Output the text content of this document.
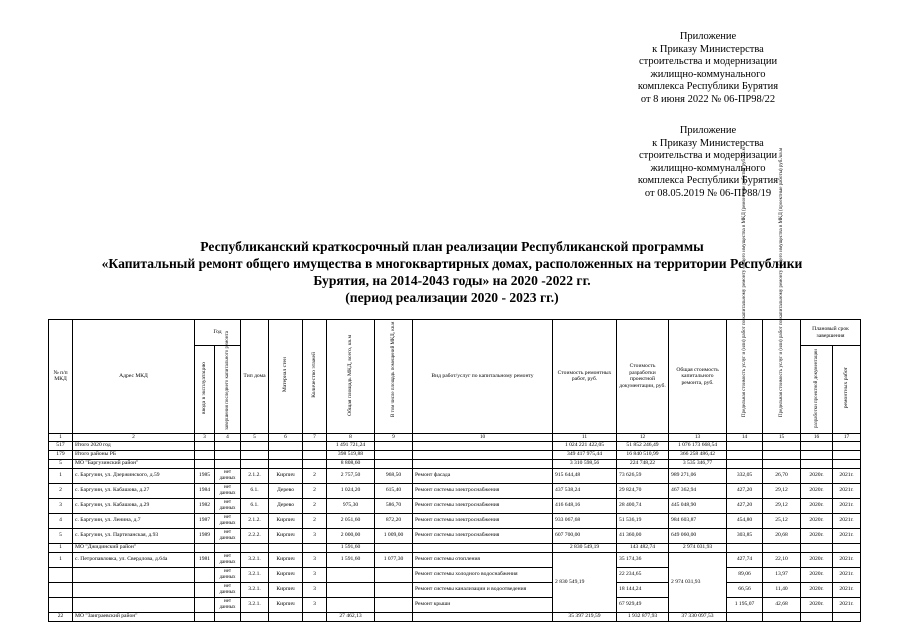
Приложение
к Приказу Министерства
строительства и модернизации
жилищно-коммунального
комплекса Республики Бурятия
от 8 июня 2022 № 06-ПР98/22
Приложение
к Приказу Министерства
строительства и модернизации
жилищно-коммунального
комплекса Республики Бурятия
от 08.05.2019 № 06-ПР88/19
Республиканский краткосрочный план реализации Республиканской программы
«Капитальный ремонт общего имущества в многоквартирных домах, расположенных на территории Республики
Бурятия, на 2014-2043 годы» на 2020 -2022 гг.
(период реализации 2020 - 2023 гг.)
№ п/п МКД	Адрес МКД	Год		Тип дома	Материал стен	Количество этажей	Общая площадь МКД, всего, кв.м	В том числе площадь помещений МКД, кв.м	Вид работ/услуг по капитальному ремонту	Стоимость ремонтных работ, руб.	Стоимость разработки проектной документации, руб.	Общая стоимость капитального ремонта, руб.	Предельная стоимость услуг и (или) работ по капитальному ремонту общего имущества в МКД (ремонтные работы) руб./кв.м	Предельная стоимость услуг и (или) работ по капитальному ремонту общего имущества в МКД (проектные работы) руб./кв.м	Плановый срок завершения	
		ввода в эксплуатацию	завершения последнего капитального ремонта												разработки проектной документации	ремонтных работ
1	2	3	4	5	6	7	8	9	10	11	12	13	14	15	16	17
517	Итого 2020 год						1 491 721,24			1 024 221 422,05	51 852 246,49	1 076 173 668,54				
179	Итого районы РБ						398 519,88			349 417 975,44	16 840 510,99	366 258 486,42				
5	МО "Баргузинский район"						8 808,60			3 310 598,56	224 748,22	3 535 346,77				
1	с. Баргузин, ул. Дзержинского, д.59	1985	нет данных	2.1.2.	Кирпич	2	2 757,50	968,50	Ремонт фасада	915 644,48	73 626,59	989 271,06	332,05	26,70	2020г.	2021г.
2	с. Баргузин, ул. Кабашова, д.27	1984	нет данных	6.1.	Дерево	2	1 024,20	615,40	Ремонт системы электроснабжения	437 538,24	29 824,70	467 362,94	427,20	29,12	2020г.	2021г.
3	с. Баргузин, ул. Кабашова, д.29	1982	нет данных	6.1.	Дерево	2	975,30	586,70	Ремонт системы электроснабжения	416 648,16	28 400,74	445 048,90	427,20	29,12	2020г.	2021г.
4	с. Баргузин, ул. Ленина, д.7	1987	нет данных	2.1.2.	Кирпич	2	2 051,60	872,20	Ремонт системы электроснабжения	933 067,68	51 536,19	984 603,87	454,80	25,12	2020г.	2021г.
5	с. Баргузин, ул. Партизанская, д.93	1989	нет данных	2.2.2.	Кирпич	3	2 000,00	1 009,00	Ремонт системы электроснабжения	607 700,00	41 360,00	649 060,00	303,85	20,68	2020г.	2021г.
1	МО "Джидинский район"						1 591,60			2 830 549,19	143 482,74	2 974 031,93				
1	с. Петропавловка, ул. Свердлова, д.64а	1981	нет данных	3.2.1.	Кирпич	3	1 591,60	1 077,30	Ремонт системы отопления	2 830 549,19	35 174,36	2 974 031,93	427,74	22,10	2020г.	2021г.
			нет данных	3.2.1.	Кирпич	3			Ремонт системы холодного водоснабжения		22 234,65		89,06	13,97	2020г.	2021г.
			нет данных	3.2.1.	Кирпич	3			Ремонт системы канализации и водоотведения		18 144,24		66,56	11,40	2020г.	2021г.
			нет данных	3.2.1.	Кирпич	3			Ремонт крыши		67 929,49		1 195,07	42,68	2020г.	2021г.
22	МО "Заиграевский район"						27 462,13			35 397 219,59	1 932 877,93	37 330 097,53				
